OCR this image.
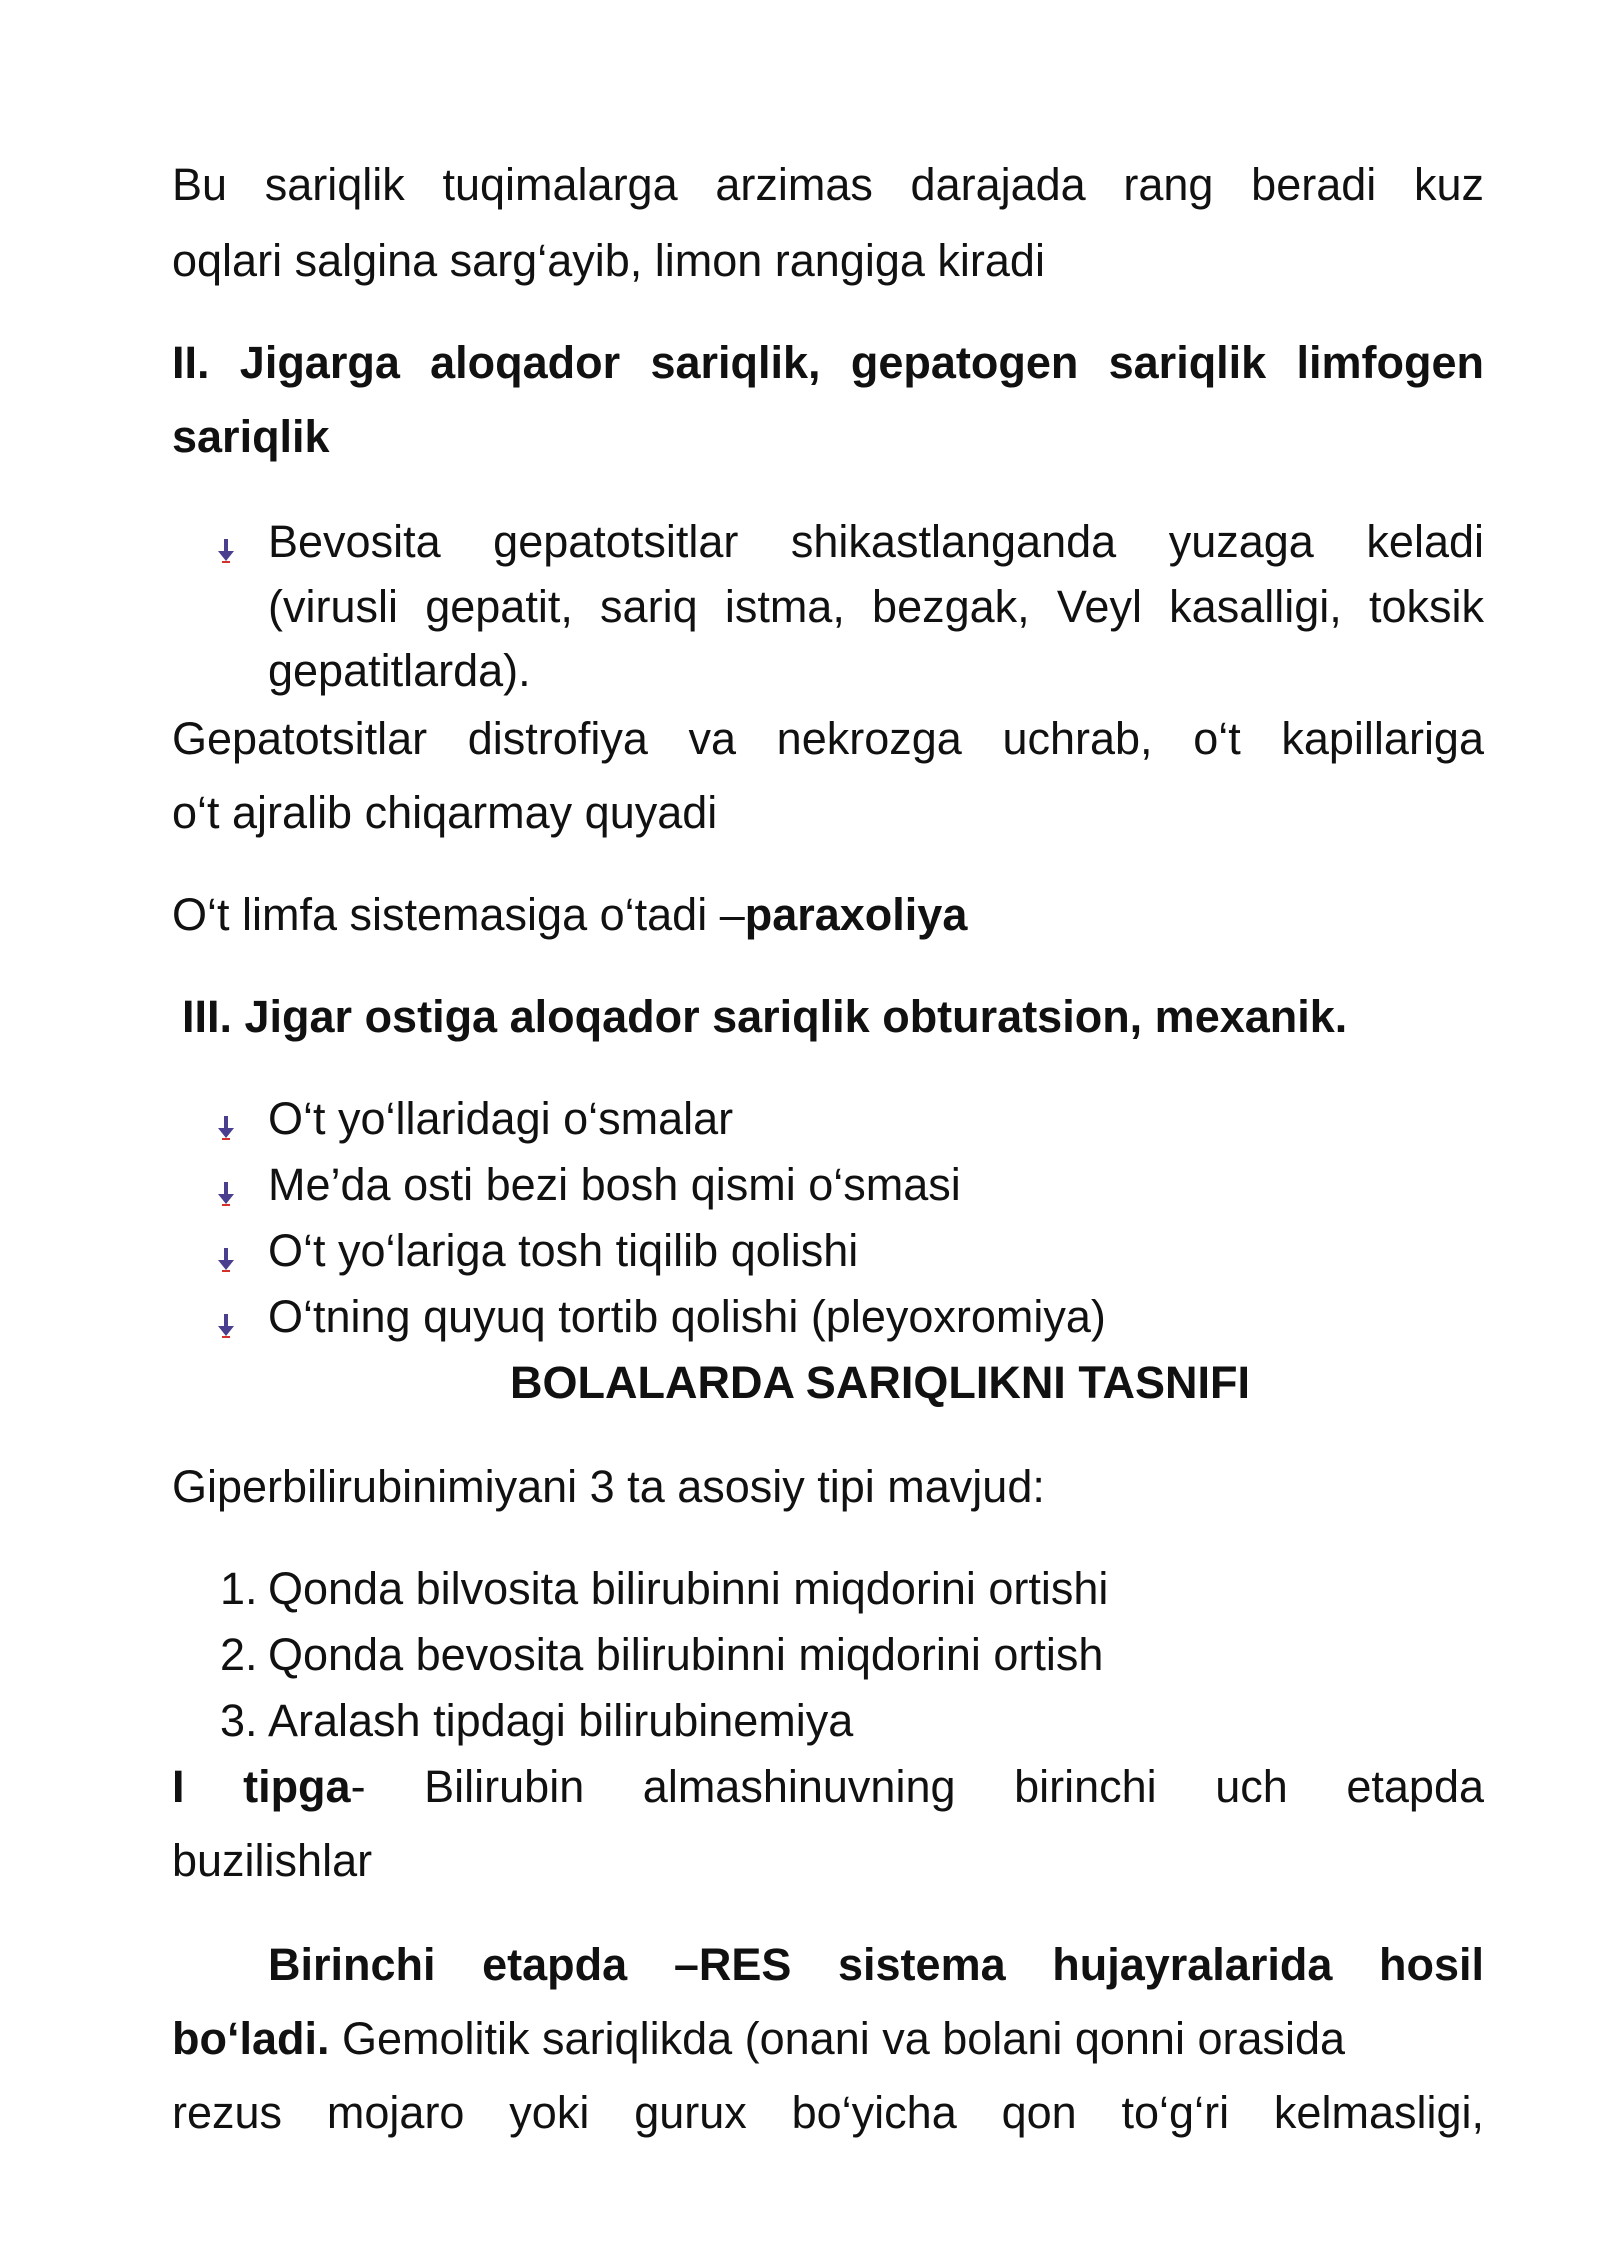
Bu sariqlik tuqimalarga arzimas darajada rang beradi kuz
oqlari salgina sarg‘ayib, limon rangiga kiradi
II. Jigarga aloqador sariqlik, gepatogen sariqlik limfogen
sariqlik
Bevosita gepatotsitlar shikastlanganda yuzaga keladi
(virusli gepatit, sariq istma, bezgak, Veyl kasalligi, toksik
gepatitlarda).
Gepatotsitlar distrofiya va nekrozga uchrab, o‘t kapillariga
o‘t ajralib chiqarmay quyadi
O‘t limfa sistemasiga o‘tadi –paraxoliya
III. Jigar ostiga aloqador sariqlik obturatsion, mexanik.
O‘t yo‘llaridagi o‘smalar
Me’da osti bezi bosh qismi o‘smasi
O‘t yo‘lariga tosh tiqilib qolishi
O‘tning quyuq tortib qolishi (pleyoxromiya)
BOLALARDA SARIQLIKNI TASNIFI
Giperbilirubinimiyani 3 ta asosiy tipi mavjud:
1. Qonda bilvosita bilirubinni miqdorini ortishi
2. Qonda bevosita bilirubinni miqdorini ortish
3. Aralash tipdagi bilirubinemiya
I tipga- Bilirubin almashinuvning birinchi uch etapda
buzilishlar
Birinchi etapda –RES sistema hujayralarida hosil
bo‘ladi. Gemolitik sariqlikda (onani va bolani qonni orasida
rezus mojaro yoki gurux bo‘yicha qon to‘g‘ri kelmasligi,
